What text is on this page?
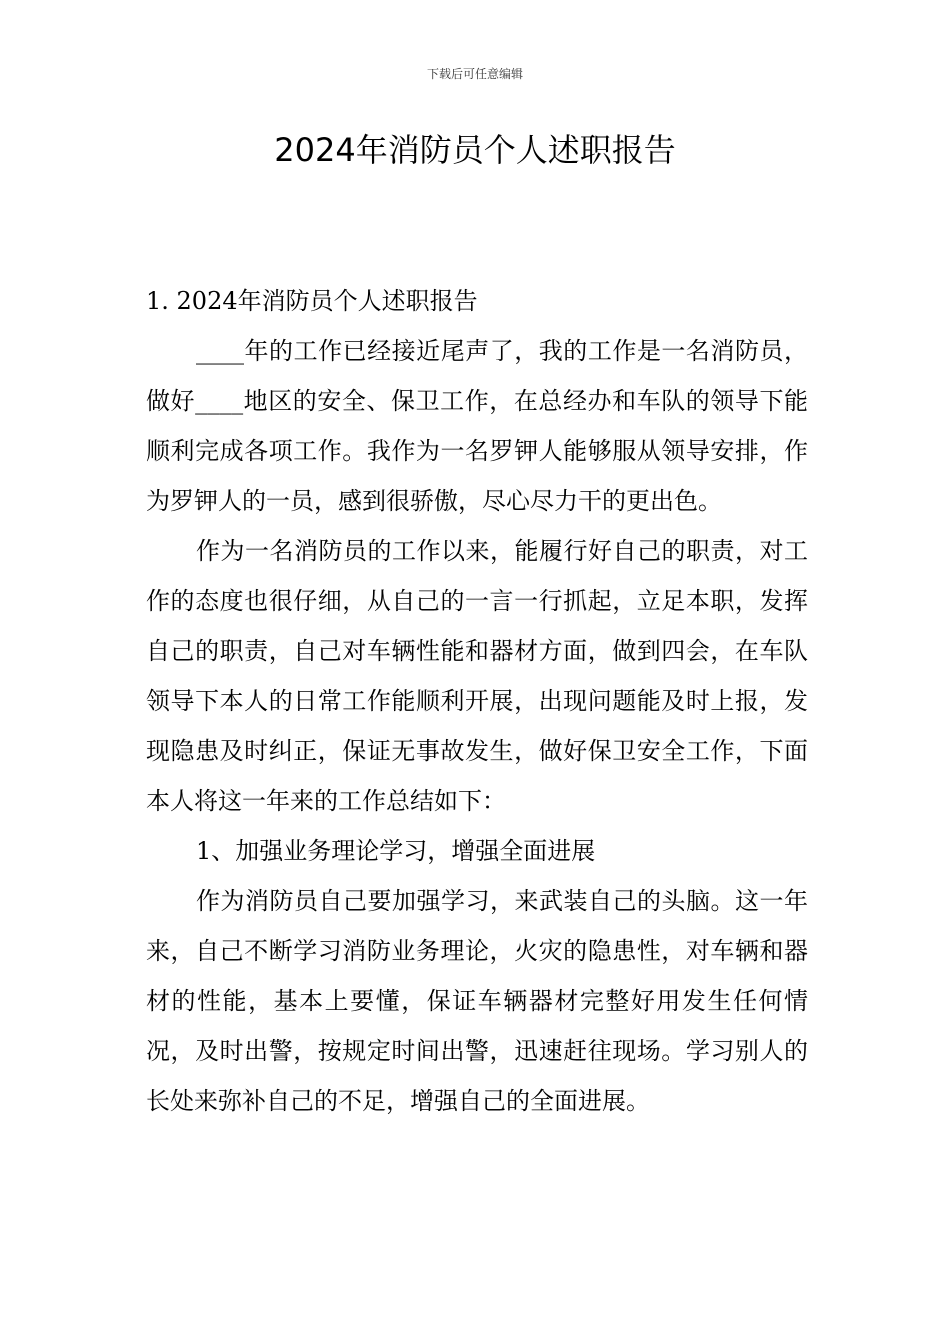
下载后可任意编辑
2024年消防员个人述职报告

1. 2024年消防员个人述职报告

____年的工作已经接近尾声了，我的工作是一名消防员，做好____地区的安全、保卫工作，在总经办和车队的领导下能顺利完成各项工作。我作为一名罗钾人能够服从领导安排，作为罗钾人的一员，感到很骄傲，尽心尽力干的更出色。

作为一名消防员的工作以来，能履行好自己的职责，对工作的态度也很仔细，从自己的一言一行抓起，立足本职，发挥自己的职责，自己对车辆性能和器材方面，做到四会，在车队领导下本人的日常工作能顺利开展，出现问题能及时上报，发现隐患及时纠正，保证无事故发生，做好保卫安全工作，下面本人将这一年来的工作总结如下：

1、加强业务理论学习，增强全面进展

作为消防员自己要加强学习，来武装自己的头脑。这一年来，自己不断学习消防业务理论，火灾的隐患性，对车辆和器材的性能，基本上要懂，保证车辆器材完整好用发生任何情况，及时出警，按规定时间出警，迅速赶往现场。学习别人的长处来弥补自己的不足，增强自己的全面进展。
